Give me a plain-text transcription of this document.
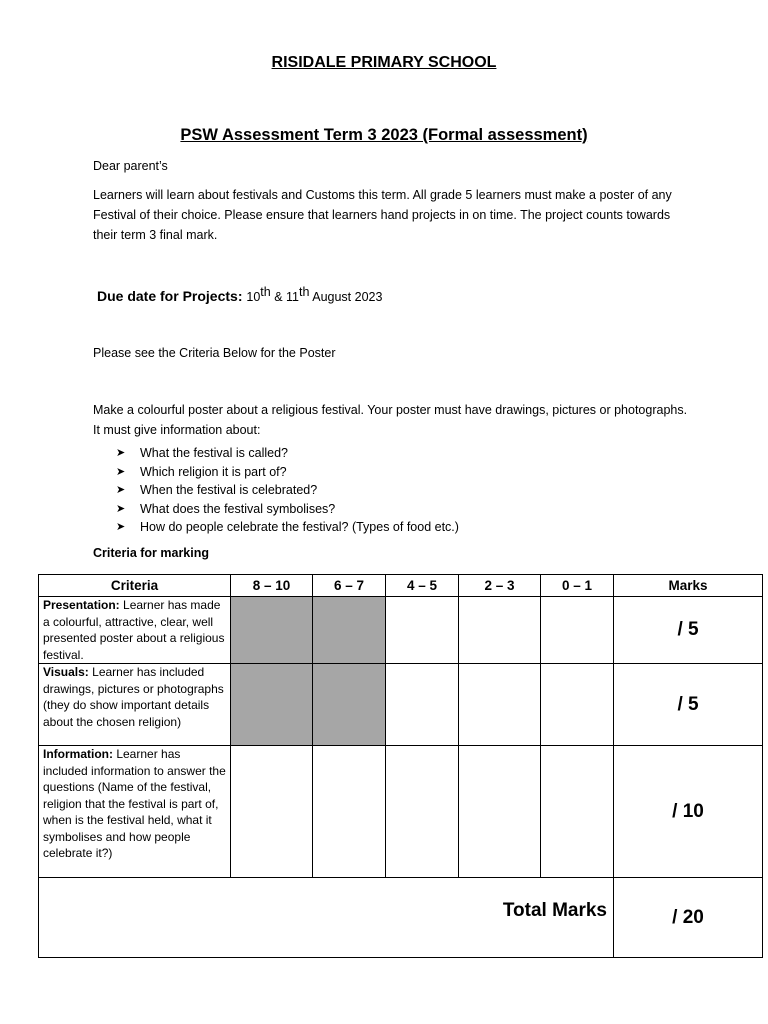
RISIDALE PRIMARY SCHOOL
PSW Assessment Term 3 2023 (Formal assessment)
Dear parent’s
Learners will learn about festivals and Customs this term. All grade 5 learners must make a poster of any Festival of their choice. Please ensure that learners hand projects in on time. The project counts towards their term 3 final mark.
Due date for Projects: 10th & 11th August 2023
Please see the Criteria Below for the Poster
Make a colourful poster about a religious festival. Your poster must have drawings, pictures or photographs. It must give information about:
➤	What the festival is called?
➤	Which religion it is part of?
➤	When the festival is celebrated?
➤	What does the festival symbolises?
➤	How do people celebrate the festival? (Types of food etc.)
Criteria for marking
Criteria	8 – 10	6 – 7	4 – 5	2 – 3	0 – 1	Marks
Presentation: Learner has made a colourful, attractive, clear, well presented poster about a religious festival.						/ 5
Visuals: Learner has included drawings, pictures or photographs (they do show important details about the chosen religion)						/ 5
Information: Learner has included information to answer the questions (Name of the festival, religion that the festival is part of, when is the festival held, what it symbolises and how people celebrate it?)						/ 10
Total Marks						/ 20
